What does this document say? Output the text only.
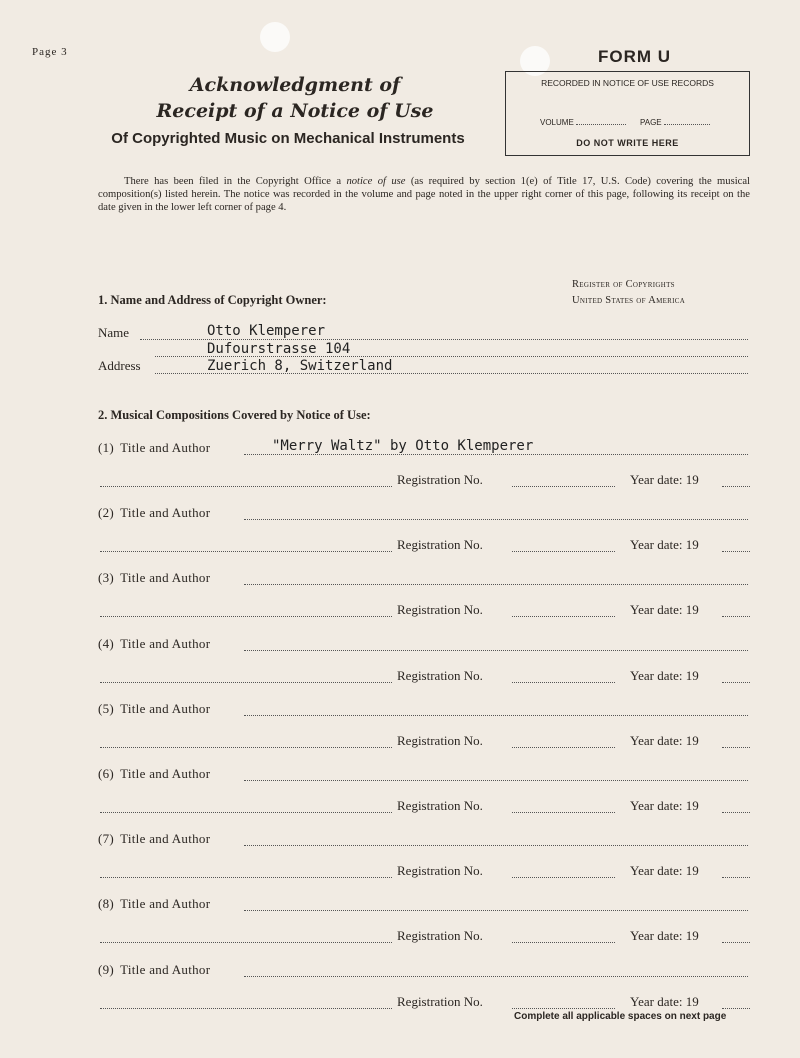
Page 3
Acknowledgment of
Receipt of a Notice of Use
Of Copyrighted Music on Mechanical Instruments
FORM U
RECORDED IN NOTICE OF USE RECORDS
VOLUME	PAGE
DO NOT WRITE HERE
There has been filed in the Copyright Office a notice of use (as required by section 1(e) of Title 17, U.S. Code) covering the musical composition(s) listed herein. The notice was recorded in the volume and page noted in the upper right corner of this page, following its receipt on the date given in the lower left corner of page 4.
Register of Copyrights
United States of America
1. Name and Address of Copyright Owner:
Name	Otto Klemperer
Dufourstrasse 104
Address	Zuerich 8, Switzerland
2. Musical Compositions Covered by Notice of Use:
(1) Title and Author	"Merry Waltz" by Otto Klemperer
Registration No.	Year date: 19
(2) Title and Author
Registration No.	Year date: 19
(3) Title and Author
Registration No.	Year date: 19
(4) Title and Author
Registration No.	Year date: 19
(5) Title and Author
Registration No.	Year date: 19
(6) Title and Author
Registration No.	Year date: 19
(7) Title and Author
Registration No.	Year date: 19
(8) Title and Author
Registration No.	Year date: 19
(9) Title and Author
Registration No.	Year date: 19
Complete all applicable spaces on next page
